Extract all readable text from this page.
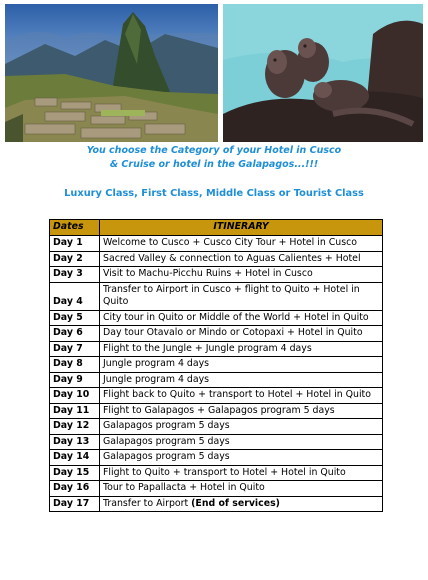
You choose the Category of your Hotel in Cusco
& Cruise or hotel in the Galapagos...!!!
Luxury Class, First Class, Middle Class or Tourist Class
Dates	ITINERARY
Day 1	Welcome to Cusco + Cusco City Tour + Hotel in Cusco
Day 2	Sacred Valley & connection to Aguas Calientes + Hotel
Day 3	Visit to Machu-Picchu Ruins + Hotel in Cusco
Day 4	Transfer to Airport in Cusco + flight to Quito + Hotel in Quito
Day 5	City tour in Quito or Middle of the World + Hotel in Quito
Day 6	Day tour Otavalo or Mindo or Cotopaxi + Hotel in Quito
Day 7	Flight to the Jungle + Jungle program 4 days
Day 8	Jungle program 4 days
Day 9	Jungle program 4 days
Day 10	Flight back to Quito + transport to Hotel + Hotel in Quito
Day 11	Flight to Galapagos + Galapagos program 5 days
Day 12	Galapagos program 5 days
Day 13	Galapagos program 5 days
Day 14	Galapagos program 5 days
Day 15	Flight to Quito + transport to Hotel + Hotel in Quito
Day 16	Tour to Papallacta + Hotel in Quito
Day 17	Transfer to Airport (End of services)
